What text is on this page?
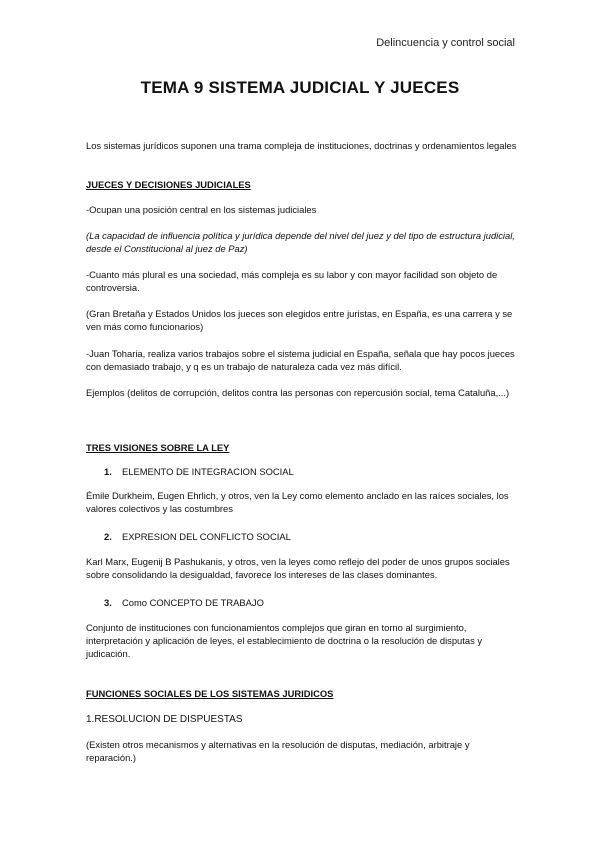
Delincuencia y control social
TEMA 9 SISTEMA JUDICIAL Y JUECES
Los sistemas jurídicos suponen una trama compleja de instituciones, doctrinas y ordenamientos legales
JUECES Y DECISIONES JUDICIALES
-Ocupan una posición central en los sistemas judiciales
(La capacidad de influencia política y jurídica depende del nivel del juez y del tipo de estructura judicial, desde el Constitucional al juez de Paz)
-Cuanto más plural es una sociedad, más compleja es su labor y con mayor facilidad son objeto de controversia.
(Gran Bretaña y Estados Unidos los jueces son elegidos entre juristas, en España, es una carrera y se ven más como funcionarios)
-Juan Toharia, realiza varios trabajos sobre el sistema judicial en España, señala que hay pocos jueces con demasiado trabajo, y q es un trabajo de naturaleza cada vez más difícil.
Ejemplos (delitos de corrupción, delitos contra las personas con repercusión social, tema Cataluña,...)
TRES VISIONES SOBRE LA LEY
1. ELEMENTO DE INTEGRACION SOCIAL
Émile Durkheim, Eugen Ehrlich, y otros, ven la Ley como elemento anclado en las raíces sociales, los valores colectivos y las costumbres
2. EXPRESION DEL CONFLICTO SOCIAL
Karl Marx, Eugenij B Pashukanis, y otros, ven la leyes como reflejo del poder de unos grupos sociales sobre consolidando la desigualdad, favorece los intereses de las clases dominantes.
3. Como CONCEPTO DE TRABAJO
Conjunto de instituciones con funcionamientos complejos que giran en torno al surgimiento, interpretación y aplicación de leyes, el establecimiento de doctrina o la resolución de disputas y judicación.
FUNCIONES SOCIALES DE LOS SISTEMAS JURIDICOS
1.RESOLUCION DE DISPUESTAS
(Existen otros mecanismos y alternativas en la resolución de disputas, mediación, arbitraje y reparación.)
